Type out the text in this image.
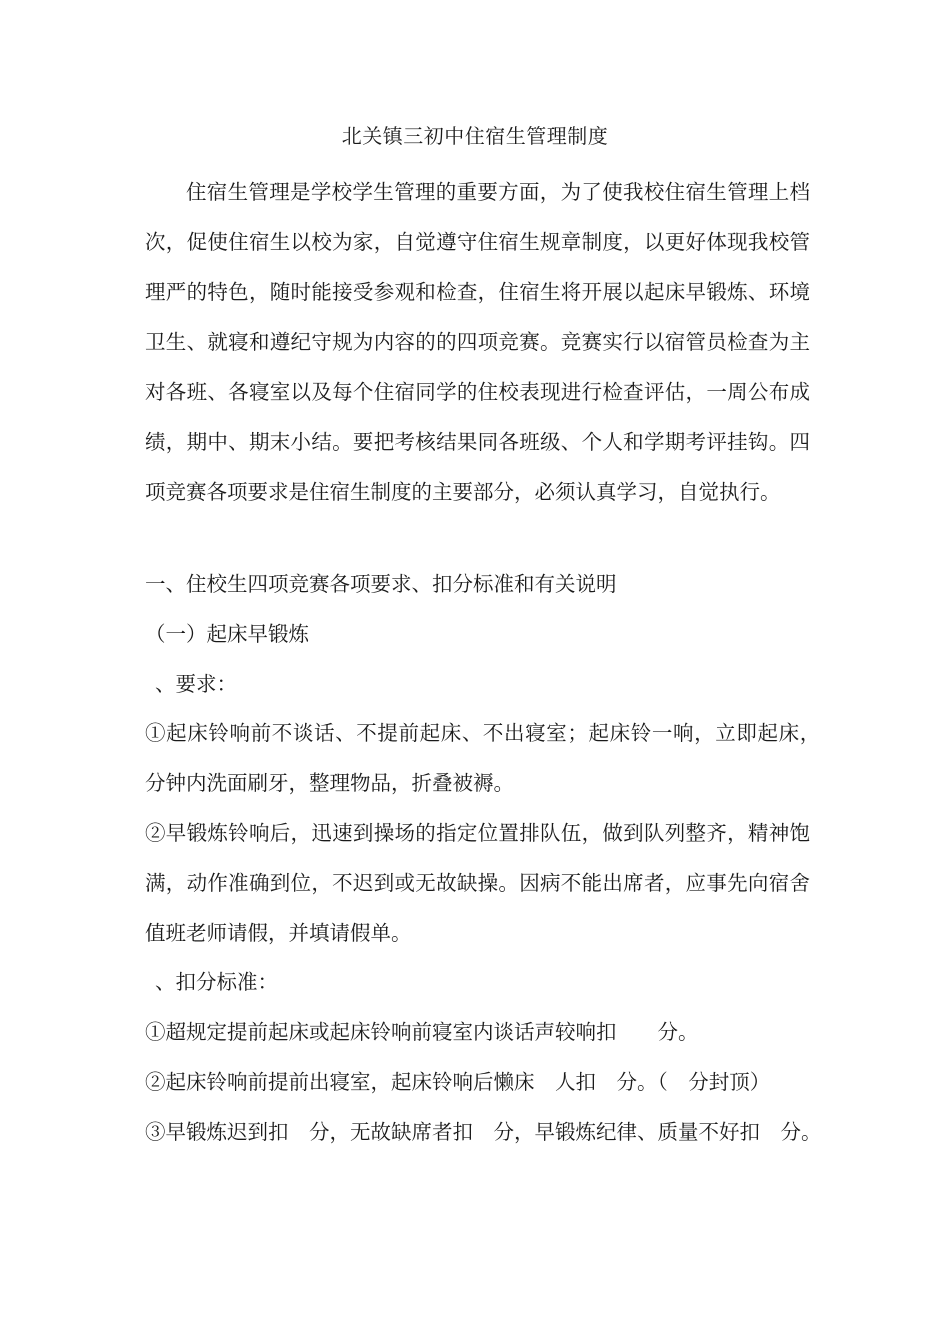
北关镇三初中住宿生管理制度

住宿生管理是学校学生管理的重要方面，为了使我校住宿生管理上档次，促使住宿生以校为家，自觉遵守住宿生规章制度，以更好体现我校管理严的特色，随时能接受参观和检查，住宿生将开展以起床早锻炼、环境卫生、就寝和遵纪守规为内容的的四项竞赛。竞赛实行以宿管员检查为主 对各班、各寝室以及每个住宿同学的住校表现进行检查评估，一周公布成绩，期中、期末小结。要把考核结果同各班级、个人和学期考评挂钩。四项竞赛各项要求是住宿生制度的主要部分，必须认真学习，自觉执行。

一、住校生四项竞赛各项要求、扣分标准和有关说明

（一）起床早锻炼

、要求：

①起床铃响前不谈话、不提前起床、不出寝室；起床铃一响，立即起床，　　分钟内洗面刷牙，整理物品，折叠被褥。

②早锻炼铃响后，迅速到操场的指定位置排队伍，做到队列整齐，精神饱满，动作准确到位，不迟到或无故缺操。因病不能出席者，应事先向宿舍值班老师请假，并填请假单。

、扣分标准：

①超规定提前起床或起床铃响前寝室内谈话声较响扣　　分。

②起床铃响前提前出寝室，起床铃响后懒床　人扣　分。（　分封顶）

③早锻炼迟到扣　分，无故缺席者扣　分，早锻炼纪律、质量不好扣　分。
